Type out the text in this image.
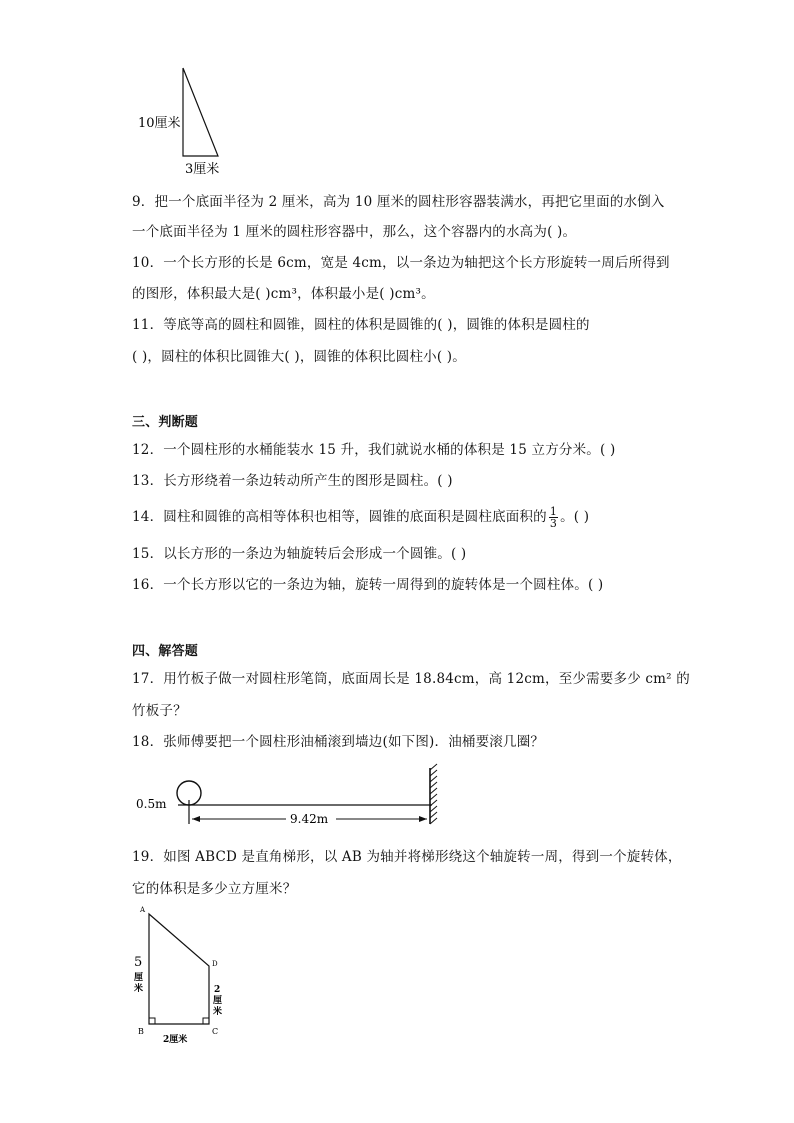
10厘米
3厘米
9．把一个底面半径为 2 厘米，高为 10 厘米的圆柱形容器装满水，再把它里面的水倒入
一个底面半径为 1 厘米的圆柱形容器中，那么，这个容器内的水高为( )。
10．一个长方形的长是 6cm，宽是 4cm，以一条边为轴把这个长方形旋转一周后所得到
的图形，体积最大是( )cm³，体积最小是( )cm³。
11．等底等高的圆柱和圆锥，圆柱的体积是圆锥的( )，圆锥的体积是圆柱的
( )，圆柱的体积比圆锥大( )，圆锥的体积比圆柱小( )。
三、判断题
12．一个圆柱形的水桶能装水 15 升，我们就说水桶的体积是 15 立方分米。( )
13．长方形绕着一条边转动所产生的图形是圆柱。( )
14．圆柱和圆锥的高相等体积也相等，圆锥的底面积是圆柱底面积的 $\frac{1}{3}$ 。( )
15．以长方形的一条边为轴旋转后会形成一个圆锥。( )
16．一个长方形以它的一条边为轴，旋转一周得到的旋转体是一个圆柱体。( )
四、解答题
17．用竹板子做一对圆柱形笔筒，底面周长是 18.84cm，高 12cm，至少需要多少 cm² 的
竹板子？
18．张师傅要把一个圆柱形油桶滚到墙边(如下图)．油桶要滚几圈？
0.5m
9.42m
19．如图 ABCD 是直角梯形，以 AB 为轴并将梯形绕这个轴旋转一周，得到一个旋转体，
它的体积是多少立方厘米？
A
B	C
D
5
厘
米	2
厘
米
2厘米
